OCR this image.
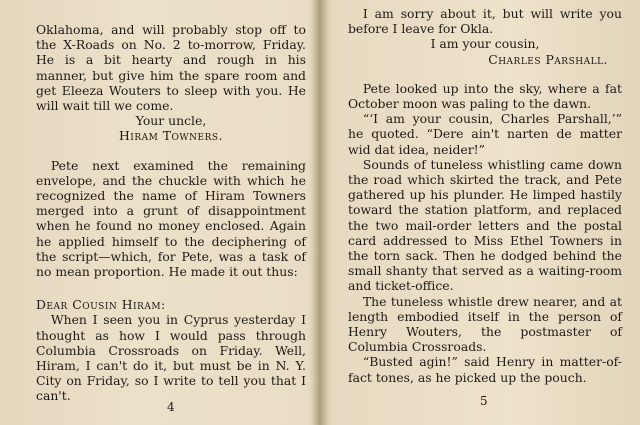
Oklahoma, and will probably stop off to the X-Roads on No. 2 to-morrow, Friday. He is a bit hearty and rough in his manner, but give him the spare room and get Eleeza Wouters to sleep with you. He will wait till we come.

Your uncle,

Hiram Towners.

Pete next examined the remaining envelope, and the chuckle with which he recognized the name of Hiram Towners merged into a grunt of disappointment when he found no money enclosed. Again he applied himself to the deciphering of the script—which, for Pete, was a task of no mean proportion. He made it out thus:

Dear Cousin Hiram:

When I seen you in Cyprus yesterday I thought as how I would pass through Columbia Crossroads on Friday. Well, Hiram, I can't do it, but must be in N. Y. City on Friday, so I write to tell you that I can't.

4

I am sorry about it, but will write you before I leave for Okla.

I am your cousin,

Charles Parshall.

Pete looked up into the sky, where a fat October moon was paling to the dawn.

“‘I am your cousin, Charles Parshall,’” he quoted. “Dere ain't narten de matter wid dat idea, neider!”

Sounds of tuneless whistling came down the road which skirted the track, and Pete gathered up his plunder. He limped hastily toward the station platform, and replaced the two mail-order letters and the postal card addressed to Miss Ethel Towners in the torn sack. Then he dodged behind the small shanty that served as a waiting-room and ticket-office.

The tuneless whistle drew nearer, and at length embodied itself in the person of Henry Wouters, the postmaster of Columbia Crossroads.

“Busted agin!” said Henry in matter-of-fact tones, as he picked up the pouch.

5
